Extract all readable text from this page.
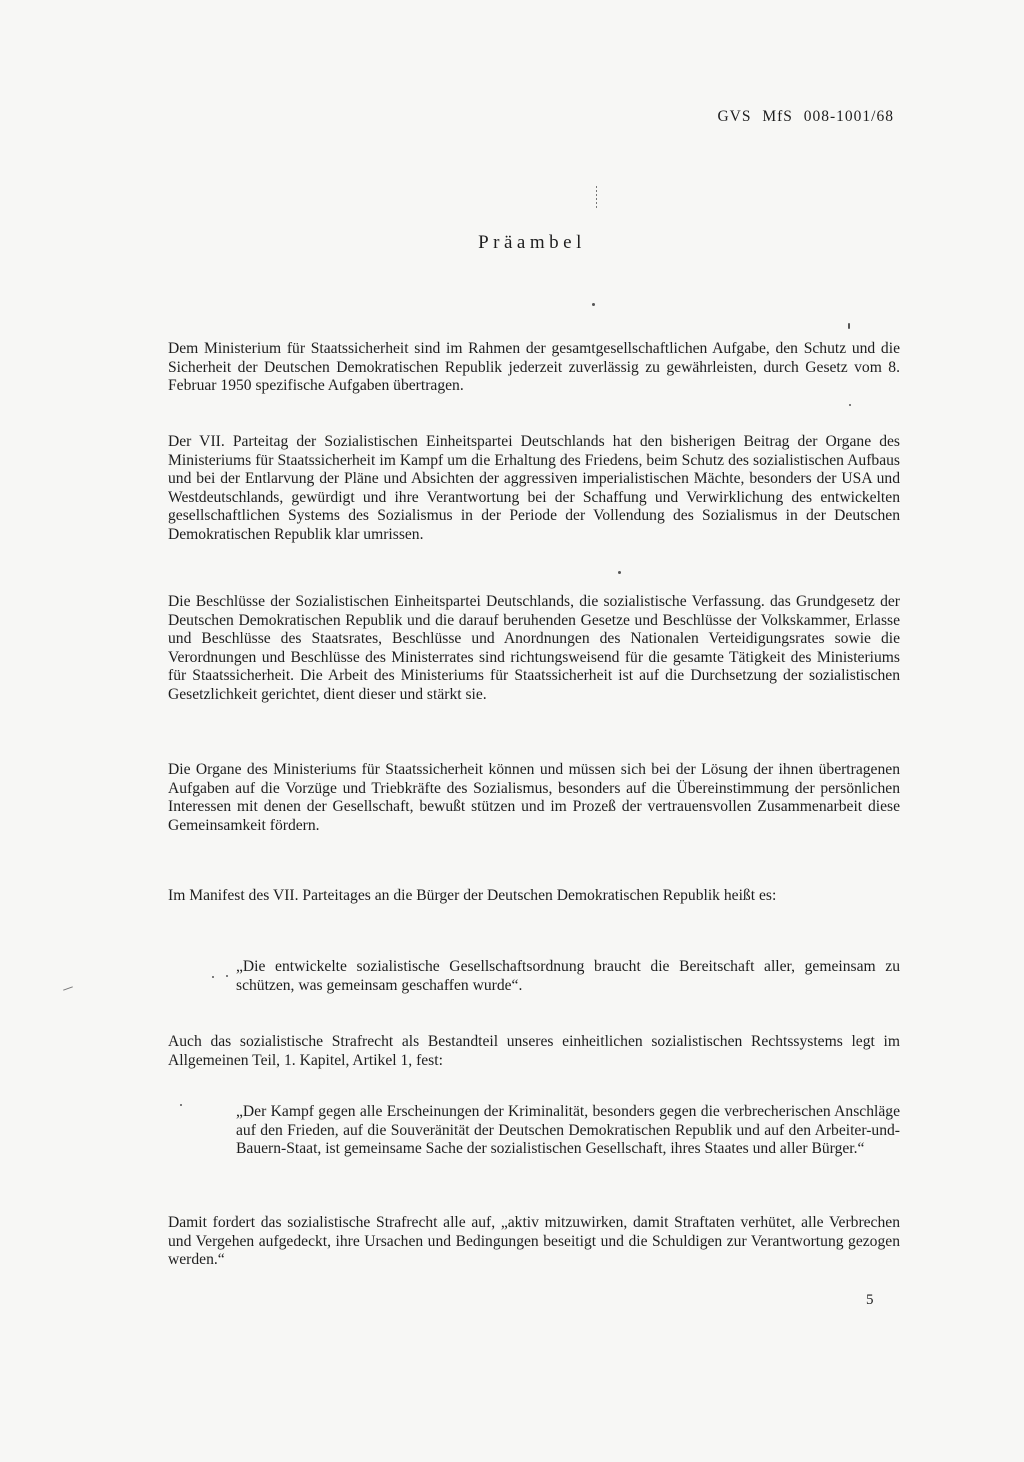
GVS MfS 008-1001/68
Präambel

Dem Ministerium für Staatssicherheit sind im Rahmen der gesamtgesellschaftlichen Aufgabe, den Schutz und die Sicherheit der Deutschen Demokratischen Republik jederzeit zuverlässig zu gewährleisten, durch Gesetz vom 8. Februar 1950 spezifische Aufgaben übertragen.

Der VII. Parteitag der Sozialistischen Einheitspartei Deutschlands hat den bisherigen Beitrag der Organe des Ministeriums für Staatssicherheit im Kampf um die Erhaltung des Friedens, beim Schutz des sozialistischen Aufbaus und bei der Entlarvung der Pläne und Absichten der aggressiven imperialistischen Mächte, besonders der USA und Westdeutschlands, gewürdigt und ihre Verantwortung bei der Schaffung und Verwirklichung des entwickelten gesellschaftlichen Systems des Sozialismus in der Periode der Vollendung des Sozialismus in der Deutschen Demokratischen Republik klar umrissen.

Die Beschlüsse der Sozialistischen Einheitspartei Deutschlands, die sozialistische Verfassung. das Grundgesetz der Deutschen Demokratischen Republik und die darauf beruhenden Gesetze und Beschlüsse der Volkskammer, Erlasse und Beschlüsse des Staatsrates, Beschlüsse und Anordnungen des Nationalen Verteidigungsrates sowie die Verordnungen und Beschlüsse des Ministerrates sind richtungsweisend für die gesamte Tätigkeit des Ministeriums für Staatssicherheit. Die Arbeit des Ministeriums für Staatssicherheit ist auf die Durchsetzung der sozialistischen Gesetzlichkeit gerichtet, dient dieser und stärkt sie.

Die Organe des Ministeriums für Staatssicherheit können und müssen sich bei der Lösung der ihnen übertragenen Aufgaben auf die Vorzüge und Triebkräfte des Sozialismus, besonders auf die Übereinstimmung der persönlichen Interessen mit denen der Gesellschaft, bewußt stützen und im Prozeß der vertrauensvollen Zusammenarbeit diese Gemeinsamkeit fördern.

Im Manifest des VII. Parteitages an die Bürger der Deutschen Demokratischen Republik heißt es:

„Die entwickelte sozialistische Gesellschaftsordnung braucht die Bereitschaft aller, gemeinsam zu schützen, was gemeinsam geschaffen wurde“.

Auch das sozialistische Strafrecht als Bestandteil unseres einheitlichen sozialistischen Rechtssystems legt im Allgemeinen Teil, 1. Kapitel, Artikel 1, fest:

„Der Kampf gegen alle Erscheinungen der Kriminalität, besonders gegen die verbrecherischen Anschläge auf den Frieden, auf die Souveränität der Deutschen Demokratischen Republik und auf den Arbeiter-und-Bauern-Staat, ist gemeinsame Sache der sozialistischen Gesellschaft, ihres Staates und aller Bürger.“

Damit fordert das sozialistische Strafrecht alle auf, „aktiv mitzuwirken, damit Straftaten verhütet, alle Verbrechen und Vergehen aufgedeckt, ihre Ursachen und Bedingungen beseitigt und die Schuldigen zur Verantwortung gezogen werden.“

5
